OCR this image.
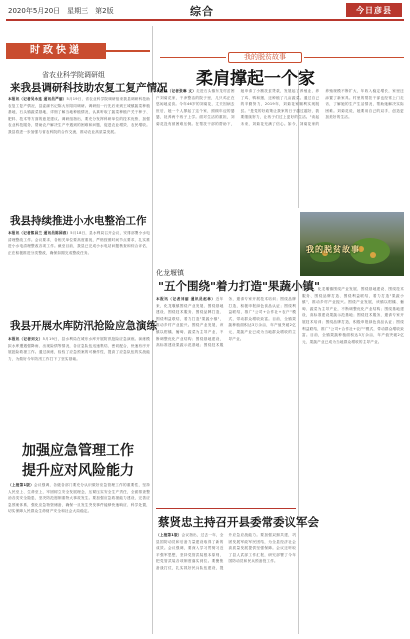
2020年5月20日　星期三　第2版	综合	今日彦县
时政快递
省农业科学院调研组
来我县调研科技助农复工复产情况
本报讯（记者吴永连 通讯员严丽）5月19日，省农业科学院调研组来我县调研科技助农复工复产情况，县委副书记陈大东陪同调研。调研组一行先后来到王城镇蔬菜种植基地，石头镇蔬菜基地，详细了解当地种植情况，认真听取了蔬菜种植户关于种子、肥料、技术等方面的意见建议。调研组指出，要充分发挥科研单位的技术优势，加强农业科技服务，帮助农户解决生产中遇到的困难和问题，促进农业增效、农民增收。我县将进一步加强与省农科院的合作交流，推动农业高质量发展。
我县持续推进小水电整治工作
本报讯（记者熊昌兰 通讯员陈国春）5月18日，县水利局召开会议，安排部署小水电清理整改工作。会议要求，各相关单位要高度重视，严格按照时间节点要求，扎实推进小水电清理整改各项工作。截至目前，我县已完成小水电站问题核查和综合评估，正在积极推进分类整改，确保如期完成整改任务。
我县开展水库防汛抢险应急演练
本报讯（记者刘文）5月19日，县水利局在城东水库开展防汛抢险应急演练。演练模拟水库遭遇强降雨、出现险情等情况，各应急队伍迅速集结、密切配合，快速有序开展抢险救援工作。通过演练，检验了应急预案的可操作性，提高了应急队伍的实战能力，为做好今年防汛工作打下了坚实基础。
加强应急管理工作
提升应对风险能力
（上接第1版）会议强调，各级各部门要充分认识做好应急管理工作的重要性，坚持人民至上、生命至上，牢固树立安全发展理念，压紧压实安全生产责任，全面排查整治各类安全隐患，坚决防范遏制重特大事故发生。要加强应急救援能力建设，完善应急预案体系，强化应急物资储备，确保一旦发生突发事件能够快速响应、科学处置，切实保障人民群众生命财产安全和社会大局稳定。
我的脱贫故事
柔肩撑起一个家
本报讯（记者张琳 文）走进石头镇东龙村贫困户刘菊花家，干净整洁的院子里，几只鸡正在悠闲地觅食。今年46岁的刘菊花，丈夫因病去世后，她一个人撑起了这个家，照顾年迈的婆婆，抚养两个孩子上学。面对生活的重担，刘菊花没有被困难压倒。在帮扶干部的帮助下，她申请了小额扶贫贷款，发展起了养殖业，养了鸡、鸭和猪，还种植了几亩蔬菜。通过自己的辛勤努力，2019年，刘菊花家顺利实现脱贫。"是党的好政策让我家的日子越过越好，我要继续努力，让孩子们过上更好的生活。"谈起未来，刘菊花充满了信心。如今，刘菊花家的养殖规模不断扩大，年收入稳定增长，家里还添置了新家具。村里的帮扶干部也经常上门走访，了解她的生产生活情况，帮助她解决实际困难。刘菊花说，她要用自己的双手，创造更加美好的生活。
我的脱贫故事
化龙堰镇
"五个围绕"着力打造"果蔬小镇"
本报讯（记者刘丽 通讯员赵林）近年来，化龙堰镇围绕产业发展、围绕基地建设、围绕技术服务、围绕品牌打造、围绕利益联结，着力打造"果蔬小镇"，推动乡村产业振兴。围绕产业发展，该镇以柑橘、葡萄、蔬菜为主导产业，不断调整优化产业结构；围绕基地建设，高标准建设果蔬示范基地；围绕技术服务，邀请专家开展技术培训；围绕品牌打造，积极申报绿色食品认证；围绕利益联结，推广"公司+合作社+农户"模式，带动群众增收致富。目前，全镇果蔬种植面积达3万余亩，年产值突破2亿元，果蔬产业已成为当地群众增收的主导产业。
近年来，化龙堰镇围绕产业发展、围绕基地建设、围绕技术服务、围绕品牌打造、围绕利益联结，着力打造"果蔬小镇"，推动乡村产业振兴。围绕产业发展，该镇以柑橘、葡萄、蔬菜为主导产业，不断调整优化产业结构；围绕基地建设，高标准建设果蔬示范基地；围绕技术服务，邀请专家开展技术培训；围绕品牌打造，积极申报绿色食品认证；围绕利益联结，推广"公司+合作社+农户"模式，带动群众增收致富。目前，全镇果蔬种植面积达3万余亩，年产值突破2亿元，果蔬产业已成为当地群众增收的主导产业。
蔡贤忠主持召开县委常委议军会
（上接第1版）会议指出，过去一年，全县国防动员和后备力量建设取得了新的成效。会议强调，要深入学习贯彻习近平强军思想，坚持党管武装根本原则，把党管武装各项制度落实到位。要聚焦备战打仗，扎实抓好民兵队伍建设，提升应急应战能力。要加强双拥共建，巩固发展军政军民团结，为全县经济社会高质量发展提供坚强保障。会议还听取了县人武部工作汇报，研究部署了今年国防动员和民兵预备役工作。
